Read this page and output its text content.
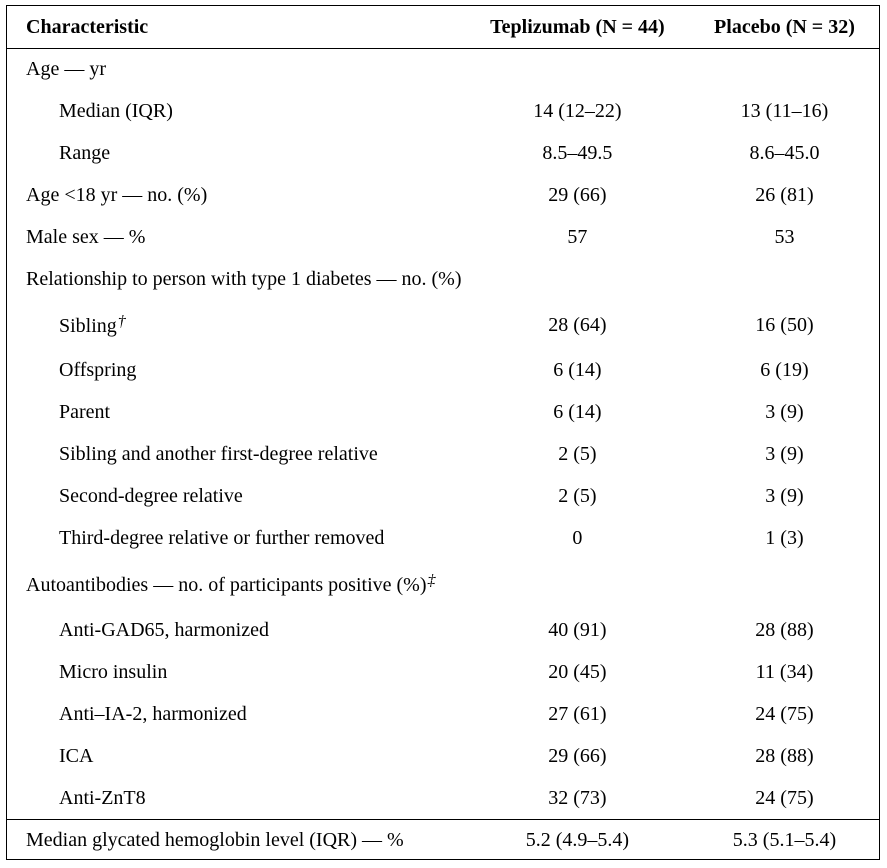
Characteristic	Teplizumab (N = 44)	Placebo (N = 32)
Age — yr		
Median (IQR)	14 (12–22)	13 (11–16)
Range	8.5–49.5	8.6–45.0
Age <18 yr — no. (%)	29 (66)	26 (81)
Male sex — %	57	53
Relationship to person with type 1 diabetes — no. (%)		
Sibling†	28 (64)	16 (50)
Offspring	6 (14)	6 (19)
Parent	6 (14)	3 (9)
Sibling and another first-degree relative	2 (5)	3 (9)
Second-degree relative	2 (5)	3 (9)
Third-degree relative or further removed	0	1 (3)
Autoantibodies — no. of participants positive (%)‡		
Anti-GAD65, harmonized	40 (91)	28 (88)
Micro insulin	20 (45)	11 (34)
Anti–IA-2, harmonized	27 (61)	24 (75)
ICA	29 (66)	28 (88)
Anti-ZnT8	32 (73)	24 (75)
Median glycated hemoglobin level (IQR) — %	5.2 (4.9–5.4)	5.3 (5.1–5.4)
